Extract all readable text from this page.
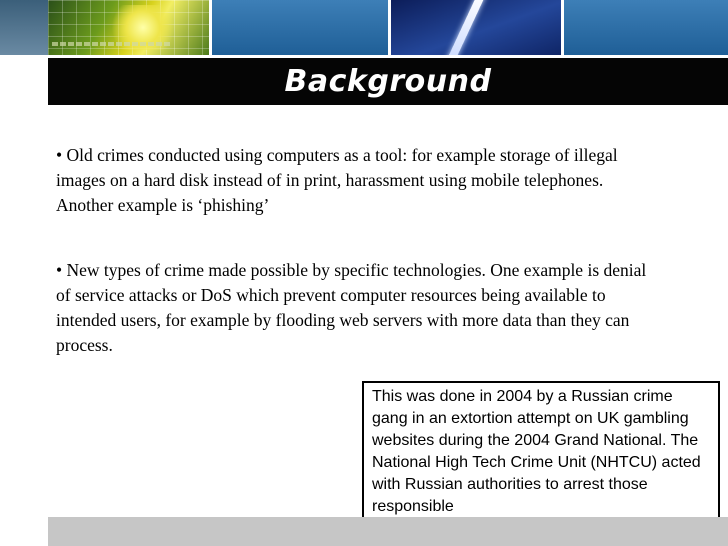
Background
• Old crimes conducted using computers as a tool: for example storage of illegal images on a hard disk instead of in print, harassment using mobile telephones. Another example is ‘phishing’
• New types of crime made possible by specific technologies. One example is denial of service attacks or DoS which prevent computer resources being available to intended users, for example by flooding web servers with more data than they can process.
This was done in 2004 by a Russian crime gang in an extortion attempt on UK gambling websites during the 2004 Grand National. The National High Tech Crime Unit (NHTCU) acted with Russian authorities to arrest those responsible
